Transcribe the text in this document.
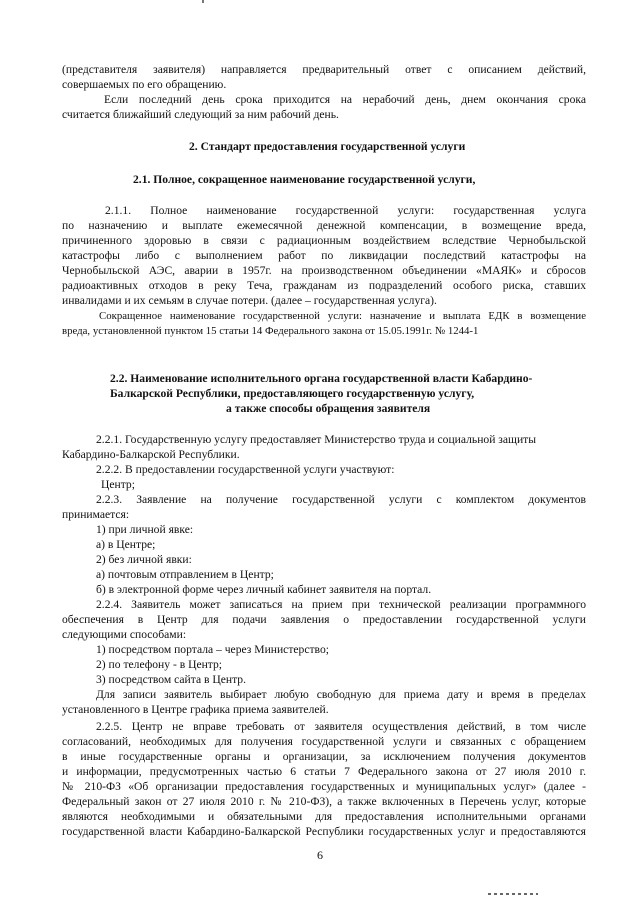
(представителя заявителя) направляется предварительный ответ с описанием действий,
совершаемых по его обращению.
Если последний день срока приходится на нерабочий день, днем окончания срока
считается ближайший следующий за ним рабочий день.
2. Стандарт предоставления государственной услуги
2.1. Полное, сокращенное наименование государственной услуги,
2.1.1. Полное наименование государственной услуги: государственная услуга
по назначению и выплате ежемесячной денежной компенсации, в возмещение вреда,
причиненного здоровью в связи с радиационным воздействием вследствие Чернобыльской
катастрофы либо с выполнением работ по ликвидации последствий катастрофы на
Чернобыльской АЭС, аварии в 1957г. на производственном объединении «МАЯК» и сбросов
радиоактивных отходов в реку Теча, гражданам из подразделений особого риска, ставших
инвалидами и их семьям в случае потери. (далее – государственная услуга).
Сокращенное наименование государственной услуги: назначение и выплата ЕДК в возмещение
вреда, установленной пунктом 15 статьи 14 Федерального закона от 15.05.1991г. № 1244-1
2.2. Наименование исполнительного органа государственной власти Кабардино-
Балкарской Республики, предоставляющего государственную услугу,
а также способы обращения заявителя
2.2.1. Государственную услугу предоставляет Министерство труда и социальной защиты
Кабардино-Балкарской Республики.
2.2.2. В предоставлении государственной услуги участвуют:
Центр;
2.2.3. Заявление на получение государственной услуги с комплектом документов
принимается:
1) при личной явке:
а) в Центре;
2) без личной явки:
а) почтовым отправлением в Центр;
б) в электронной форме через личный кабинет заявителя на портал.
2.2.4. Заявитель может записаться на прием при технической реализации программного
обеспечения в Центр для подачи заявления о предоставлении государственной услуги
следующими способами:
1) посредством портала – через Министерство;
2) по телефону - в Центр;
3) посредством сайта в Центр.
Для записи заявитель выбирает любую свободную для приема дату и время в пределах
установленного в Центре графика приема заявителей.
2.2.5. Центр не вправе требовать от заявителя осуществления действий, в том числе
согласований, необходимых для получения государственной услуги и связанных с обращением
в иные государственные органы и организации, за исключением получения документов
и информации, предусмотренных частью 6 статьи 7 Федерального закона от 27 июля 2010 г.
№ 210-ФЗ «Об организации предоставления государственных и муниципальных услуг» (далее -
Федеральный закон от 27 июля 2010 г. № 210-ФЗ), а также включенных в Перечень услуг, которые
являются необходимыми и обязательными для предоставления исполнительными органами
государственной власти Кабардино-Балкарской Республики государственных услуг и предоставляются
6
